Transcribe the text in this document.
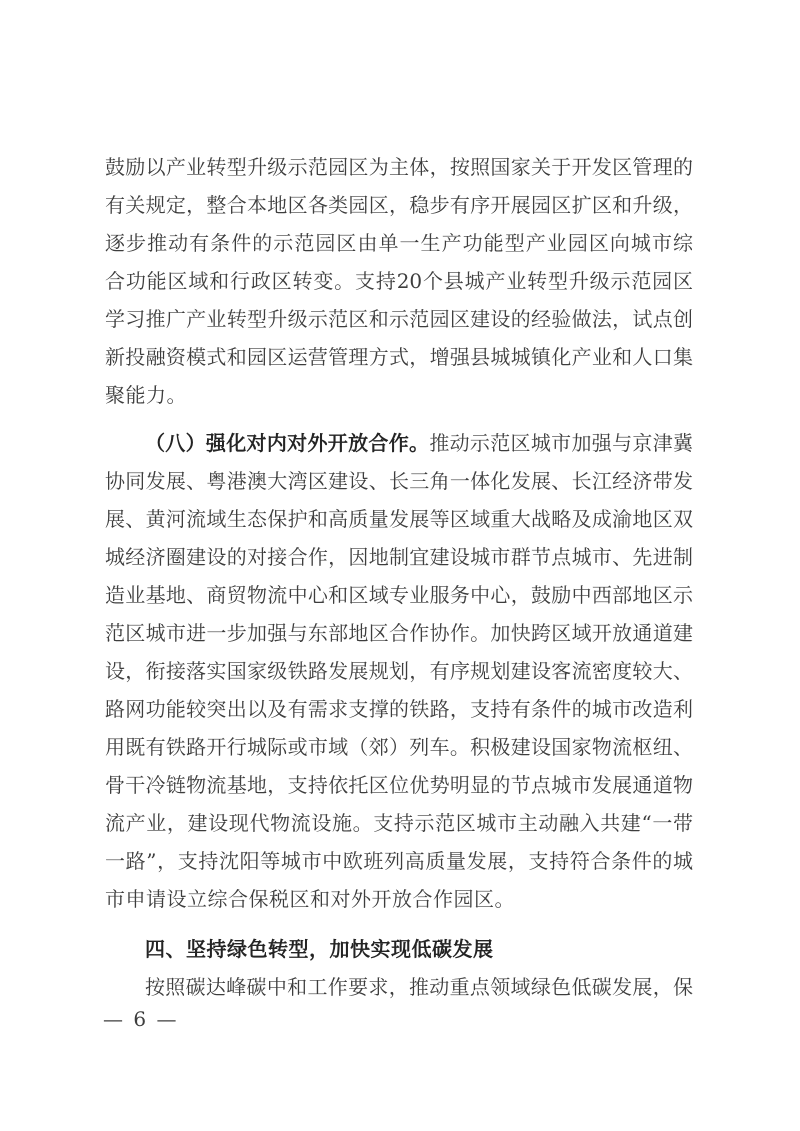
鼓励以产业转型升级示范园区为主体，按照国家关于开发区管理的
有关规定，整合本地区各类园区，稳步有序开展园区扩区和升级，
逐步推动有条件的示范园区由单一生产功能型产业园区向城市综
合功能区域和行政区转变。支持20个县城产业转型升级示范园区
学习推广产业转型升级示范区和示范园区建设的经验做法，试点创
新投融资模式和园区运营管理方式，增强县城城镇化产业和人口集
聚能力。
（八）强化对内对外开放合作。推动示范区城市加强与京津冀
协同发展、粤港澳大湾区建设、长三角一体化发展、长江经济带发
展、黄河流域生态保护和高质量发展等区域重大战略及成渝地区双
城经济圈建设的对接合作，因地制宜建设城市群节点城市、先进制
造业基地、商贸物流中心和区域专业服务中心，鼓励中西部地区示
范区城市进一步加强与东部地区合作协作。加快跨区域开放通道建
设，衔接落实国家级铁路发展规划，有序规划建设客流密度较大、
路网功能较突出以及有需求支撑的铁路，支持有条件的城市改造利
用既有铁路开行城际或市域（郊）列车。积极建设国家物流枢纽、
骨干冷链物流基地，支持依托区位优势明显的节点城市发展通道物
流产业，建设现代物流设施。支持示范区城市主动融入共建“一带
一路”，支持沈阳等城市中欧班列高质量发展，支持符合条件的城
市申请设立综合保税区和对外开放合作园区。
四、坚持绿色转型，加快实现低碳发展
按照碳达峰碳中和工作要求，推动重点领域绿色低碳发展，保
— 6 —
